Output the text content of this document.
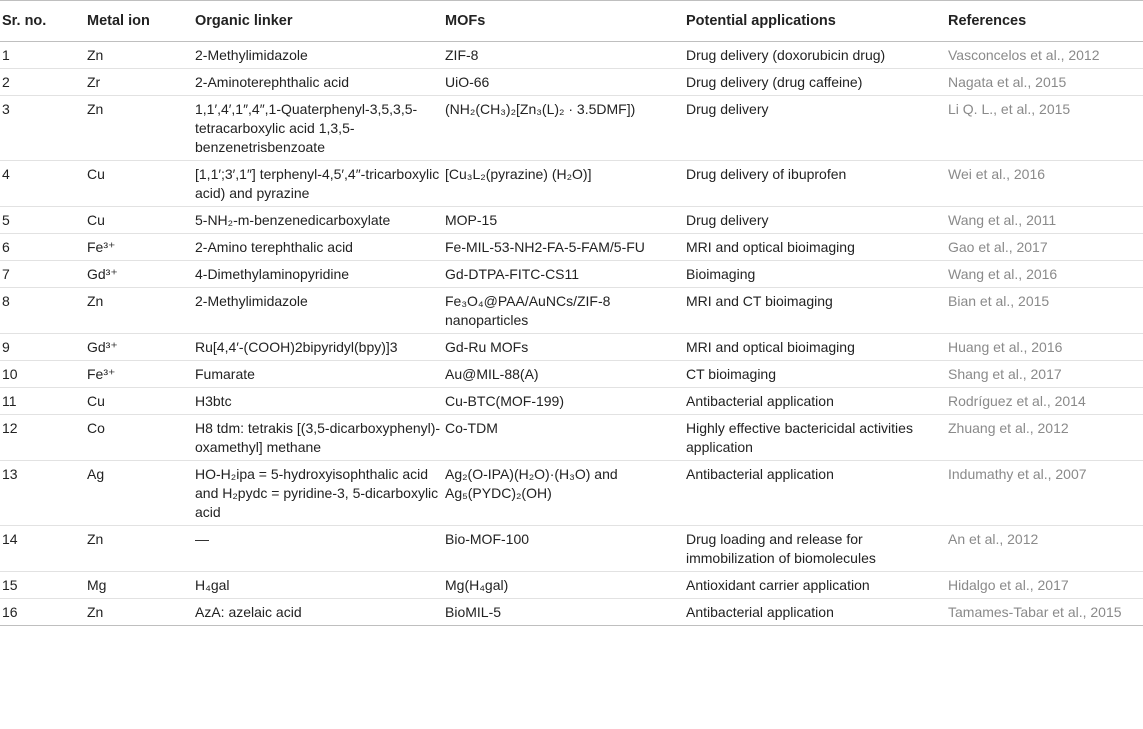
Sr. no.	Metal ion	Organic linker	MOFs	Potential applications	References
1	Zn	2-Methylimidazole	ZIF-8	Drug delivery (doxorubicin drug)	Vasconcelos et al., 2012
2	Zr	2-Aminoterephthalic acid	UiO-66	Drug delivery (drug caffeine)	Nagata et al., 2015
3	Zn	1,1′,4′,1″,4″,1-Quaterphenyl-3,5,3,5-tetracarboxylic acid 1,3,5-benzenetrisbenzoate	(NH₂(CH₃)₂[Zn₃(L)₂ · 3.5DMF])	Drug delivery	Li Q. L., et al., 2015
4	Cu	[1,1′;3′,1″] terphenyl-4,5′,4″-tricarboxylic acid) and pyrazine	[Cu₃L₂(pyrazine) (H₂O)]	Drug delivery of ibuprofen	Wei et al., 2016
5	Cu	5-NH₂-m-benzenedicarboxylate	MOP-15	Drug delivery	Wang et al., 2011
6	Fe³⁺	2-Amino terephthalic acid	Fe-MIL-53-NH2-FA-5-FAM/5-FU	MRI and optical bioimaging	Gao et al., 2017
7	Gd³⁺	4-Dimethylaminopyridine	Gd-DTPA-FITC-CS11	Bioimaging	Wang et al., 2016
8	Zn	2-Methylimidazole	Fe₃O₄@PAA/AuNCs/ZIF-8 nanoparticles	MRI and CT bioimaging	Bian et al., 2015
9	Gd³⁺	Ru[4,4′-(COOH)2bipyridyl(bpy)]3	Gd-Ru MOFs	MRI and optical bioimaging	Huang et al., 2016
10	Fe³⁺	Fumarate	Au@MIL-88(A)	CT bioimaging	Shang et al., 2017
11	Cu	H3btc	Cu-BTC(MOF-199)	Antibacterial application	Rodríguez et al., 2014
12	Co	H8 tdm: tetrakis [(3,5-dicarboxyphenyl)-oxamethyl] methane	Co-TDM	Highly effective bactericidal activities application	Zhuang et al., 2012
13	Ag	HO-H₂ipa = 5-hydroxyisophthalic acid and H₂pydc = pyridine-3, 5-dicarboxylic acid	Ag₂(O-IPA)(H₂O)·(H₃O) and Ag₅(PYDC)₂(OH)	Antibacterial application	Indumathy et al., 2007
14	Zn	—	Bio-MOF-100	Drug loading and release for immobilization of biomolecules	An et al., 2012
15	Mg	H₄gal	Mg(H₄gal)	Antioxidant carrier application	Hidalgo et al., 2017
16	Zn	AzA: azelaic acid	BioMIL-5	Antibacterial application	Tamames-Tabar et al., 2015
